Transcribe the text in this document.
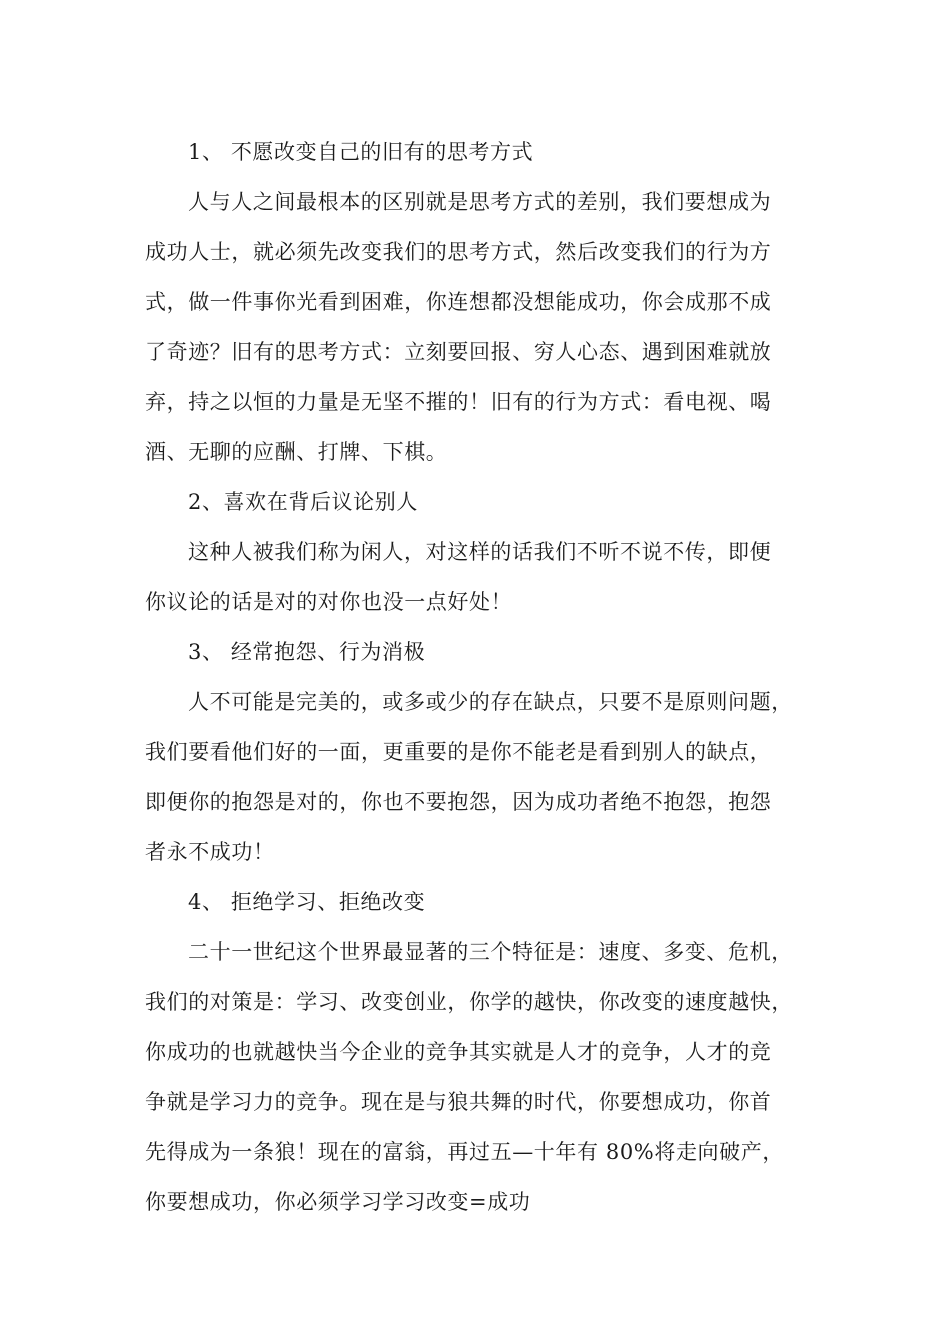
1、 不愿改变自己的旧有的思考方式
人与人之间最根本的区别就是思考方式的差别，我们要想成为
成功人士，就必须先改变我们的思考方式，然后改变我们的行为方
式，做一件事你光看到困难，你连想都没想能成功，你会成那不成
了奇迹？旧有的思考方式：立刻要回报、穷人心态、遇到困难就放
弃，持之以恒的力量是无坚不摧的！旧有的行为方式：看电视、喝
酒、无聊的应酬、打牌、下棋。
2、喜欢在背后议论别人
这种人被我们称为闲人，对这样的话我们不听不说不传，即便
你议论的话是对的对你也没一点好处！
3、 经常抱怨、行为消极
人不可能是完美的，或多或少的存在缺点，只要不是原则问题，
我们要看他们好的一面，更重要的是你不能老是看到别人的缺点，
即便你的抱怨是对的，你也不要抱怨，因为成功者绝不抱怨，抱怨
者永不成功！
4、 拒绝学习、拒绝改变
二十一世纪这个世界最显著的三个特征是：速度、多变、危机，
我们的对策是：学习、改变创业，你学的越快，你改变的速度越快，
你成功的也就越快当今企业的竞争其实就是人才的竞争，人才的竞
争就是学习力的竞争。现在是与狼共舞的时代，你要想成功，你首
先得成为一条狼！现在的富翁，再过五—十年有 80%将走向破产，
你要想成功，你必须学习学习改变=成功
